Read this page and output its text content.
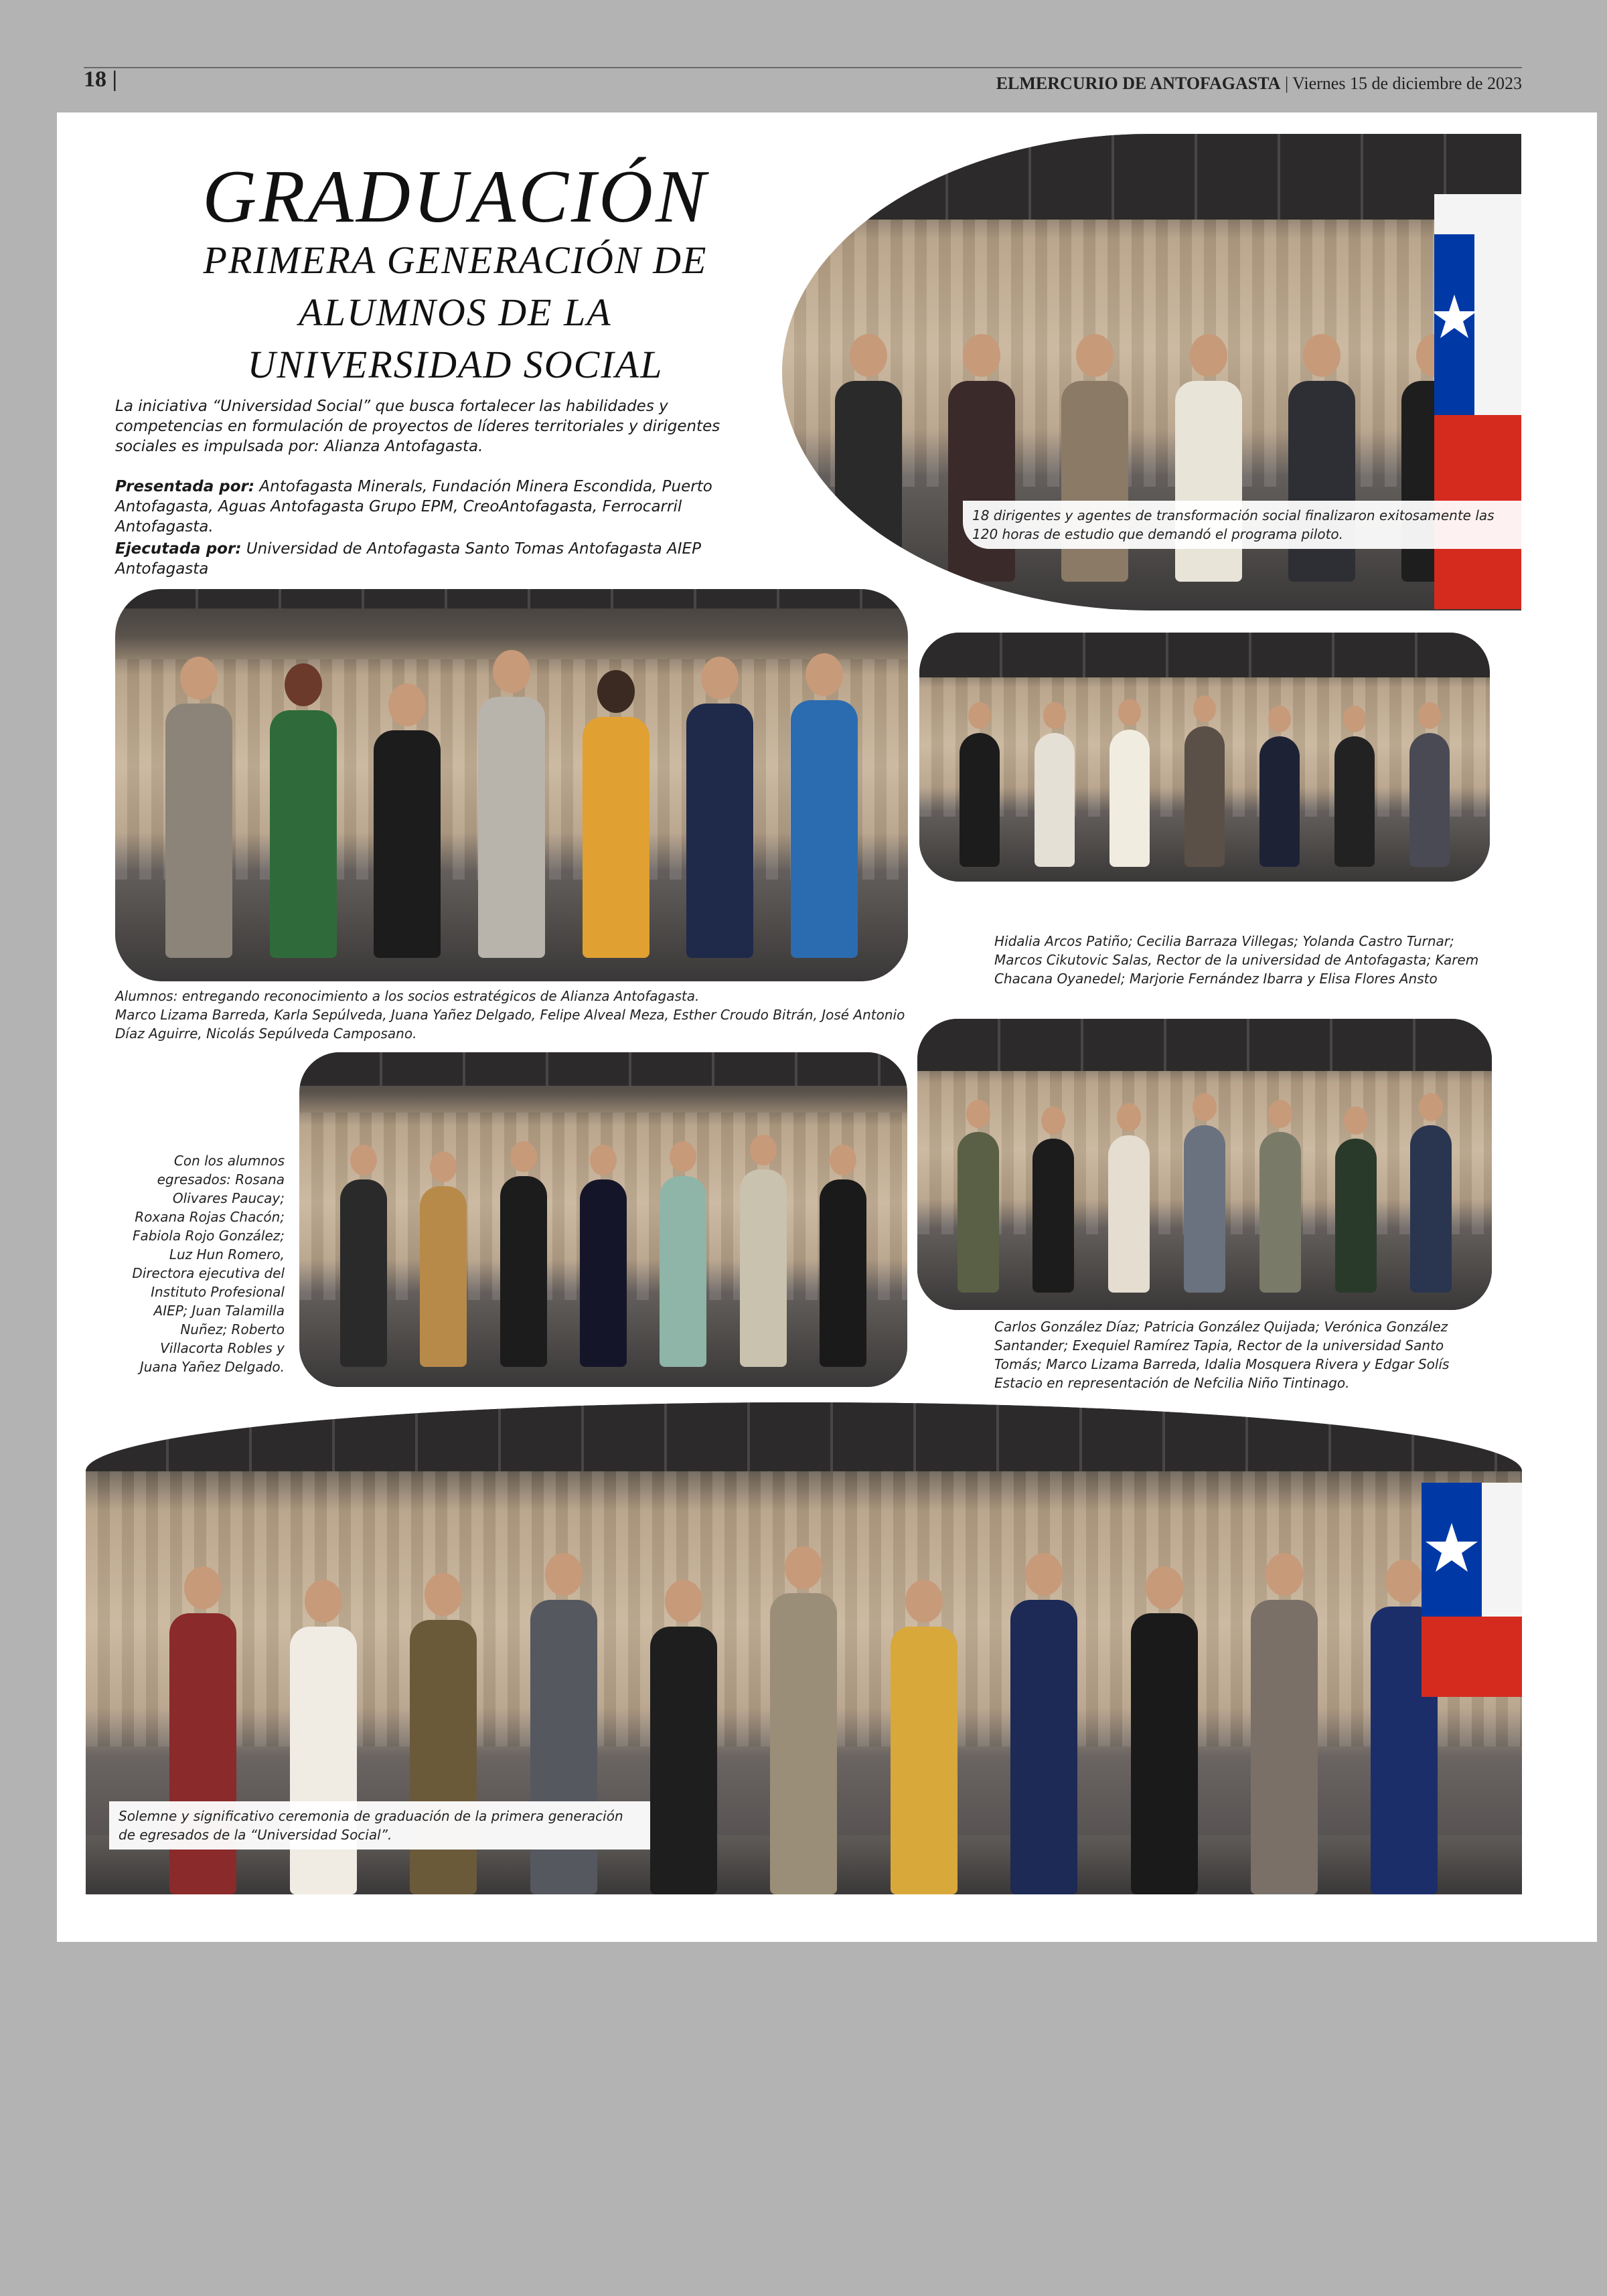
18 |	ELMERCURIO DE ANTOFAGASTA | Viernes 15 de diciembre de 2023
GRADUACIÓN
PRIMERA GENERACIÓN DE
ALUMNOS DE LA
UNIVERSIDAD SOCIAL
La iniciativa “Universidad Social” que busca fortalecer las habilidades y competencias en formulación de proyectos de líderes territoriales y dirigentes sociales es impulsada por: Alianza Antofagasta.
Presentada por: Antofagasta Minerals, Fundación Minera Escondida, Puerto Antofagasta, Aguas Antofagasta Grupo EPM, CreoAntofagasta, Ferrocarril Antofagasta.
Ejecutada por: Universidad de Antofagasta Santo Tomas Antofagasta AIEP Antofagasta
18 dirigentes y agentes de transformación social finalizaron exitosamente las 120 horas de estudio que demandó el programa piloto.
Alumnos: entregando reconocimiento a los socios estratégicos de Alianza Antofagasta.
Marco Lizama Barreda, Karla Sepúlveda, Juana Yañez Delgado, Felipe Alveal Meza, Esther Croudo Bitrán, José Antonio Díaz Aguirre, Nicolás Sepúlveda Camposano.
Hidalia Arcos Patiño; Cecilia Barraza Villegas; Yolanda Castro Turnar; Marcos Cikutovic Salas, Rector de la universidad de Antofagasta; Karem Chacana Oyanedel; Marjorie Fernández Ibarra y Elisa Flores Ansto
Con los alumnos egresados: Rosana Olivares Paucay; Roxana Rojas Chacón; Fabiola Rojo González; Luz Hun Romero, Directora ejecutiva del Instituto Profesional AIEP; Juan Talamilla Nuñez; Roberto Villacorta Robles y Juana Yañez Delgado.
Carlos González Díaz; Patricia González Quijada; Verónica González Santander; Exequiel Ramírez Tapia, Rector de la universidad Santo Tomás; Marco Lizama Barreda, Idalia Mosquera Rivera y Edgar Solís Estacio en representación de Nefcilia Niño Tintinago.
Solemne y significativo ceremonia de graduación de la primera generación de egresados de la “Universidad Social”.
